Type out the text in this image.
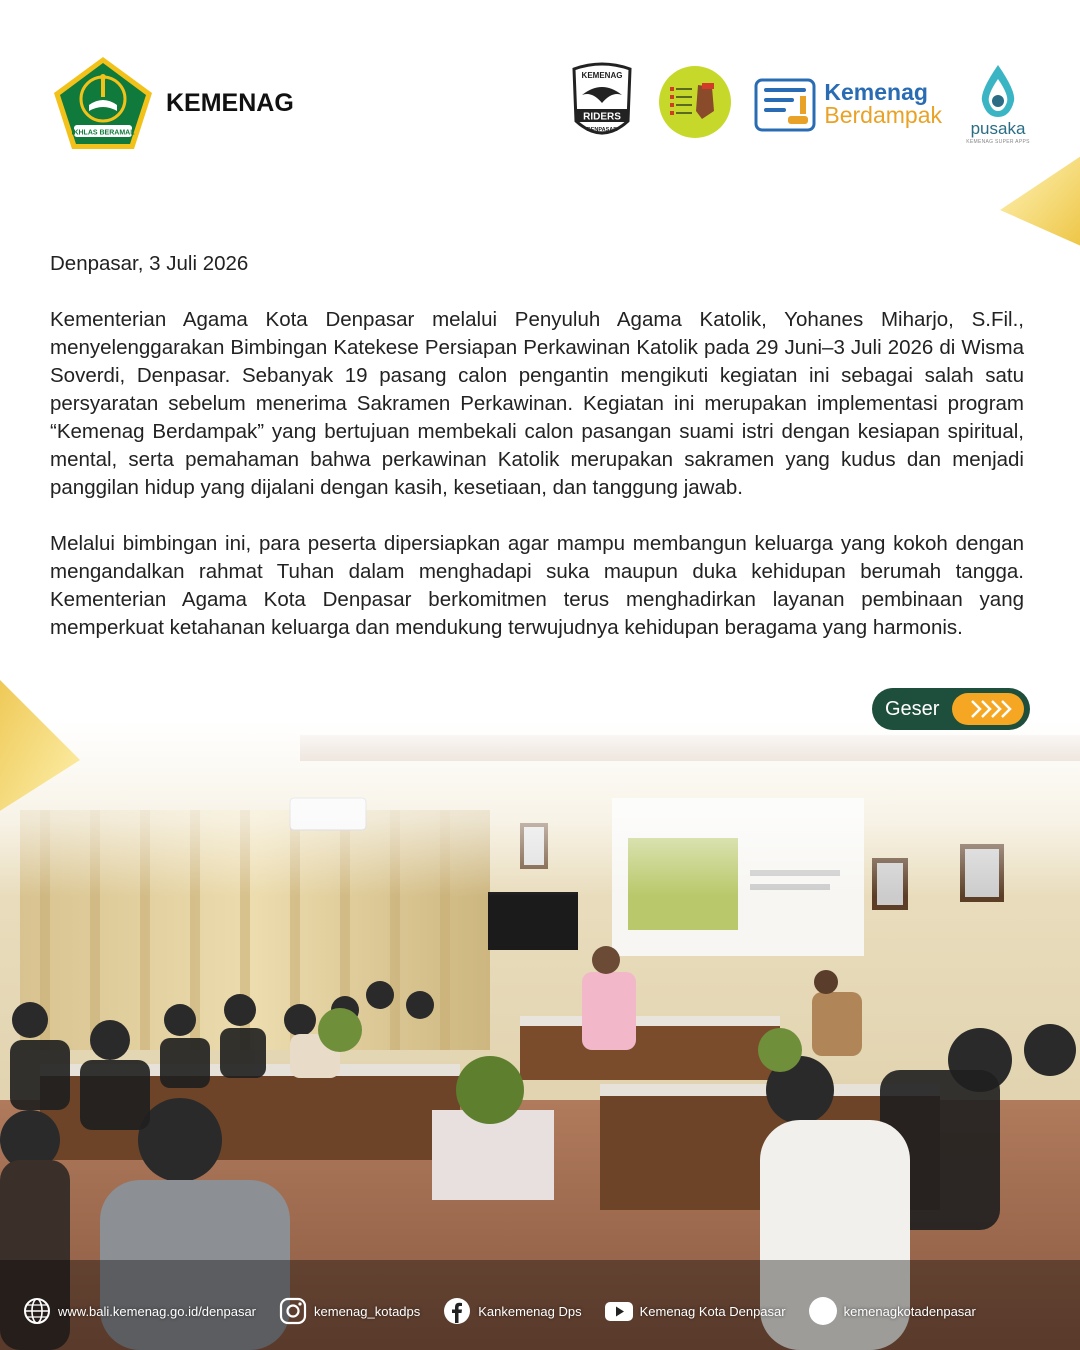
IKHLAS BERAMAL
KEMENAG
KEMENAG
RIDERS
DENPASAR
Kemenag
Berdampak
pusaka
KEMENAG SUPER APPS

Denpasar, 3 Juli 2026

Kementerian Agama Kota Denpasar melalui Penyuluh Agama Katolik, Yohanes Miharjo, S.Fil., menyelenggarakan Bimbingan Katekese Persiapan Perkawinan Katolik pada 29 Juni–3 Juli 2026 di Wisma Soverdi, Denpasar. Sebanyak 19 pasang calon pengantin mengikuti kegiatan ini sebagai salah satu persyaratan sebelum menerima Sakramen Perkawinan. Kegiatan ini merupakan implementasi program “Kemenag Berdampak” yang bertujuan membekali calon pasangan suami istri dengan kesiapan spiritual, mental, serta pemahaman bahwa perkawinan Katolik merupakan sakramen yang kudus dan menjadi panggilan hidup yang dijalani dengan kasih, kesetiaan, dan tanggung jawab.

Melalui bimbingan ini, para peserta dipersiapkan agar mampu membangun keluarga yang kokoh dengan mengandalkan rahmat Tuhan dalam menghadapi suka maupun duka kehidupan berumah tangga. Kementerian Agama Kota Denpasar berkomitmen terus menghadirkan layanan pembinaan yang memperkuat ketahanan keluarga dan mendukung terwujudnya kehidupan beragama yang harmonis.

Geser
www.bali.kemenag.go.id/denpasar	kemenag_kotadps	Kankemenag Dps	Kemenag Kota Denpasar	kemenagkotadenpasar
